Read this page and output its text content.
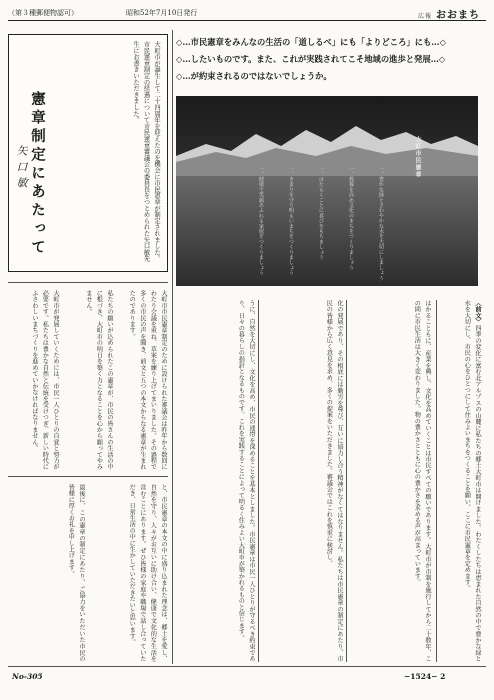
（第３種郵便物認可）	昭和52年7月10日発行	広報 おおまち
◇…市民憲章をみんなの生活の「道しるべ」にも「よりどころ」にも…◇
◇…したいものです。また、これが実践されてこそ地域の進歩と発展…◇
◇…が約束されるのではないでしょうか。
大町市民憲章
一、豊かな緑とさわやかな水を大切にしましょう
一、教養を高め文化のまちをつくりましょう
一、はたらくことに喜びをもちましょう
一、きまりを守り明るいまちをつくりましょう
一、健康で笑顔あふれる家庭をつくりましょう
大町市が誕生して二十四周年を迎えたのを機会に市民憲章が制定されました。市民憲章制定の経過について市民憲章審議会の委員長をつとめられた矢口敏先生にお書きいただきました。
憲章制定にあたって
矢口敏
〈前文〉四季の変化に富む北アルプスの山麓に私たちの郷土大町市は開けました。わたくしたちは恵まれた自然の中で豊かな緑と水を大切にし、市民の心をひとつにして住みよいまちをつくることを願い、ここに市民憲章を定めます。
はかることもに、産業を興し、文化を高めていくことは市民すべての願いであります。大町市が市制を施行してから二十数年、この間に市民生活は大きく変わりました。物の豊かさとともに心の豊かさを求める声が高まっています。
化の発展であり、その根底には勤労を尊び、互いに協力し合う精神がなくてはなりません。私たちは市民憲章の制定にあたり、市民の皆様から広く意見を求め、多くの提案をいただきました。審議会ではこれを慎重に検討し、
うに、自然を大切にし、文化を高め、市民の連帯を深めることを基本としました。市民憲章は市民一人ひとりが守るべき約束であり、日々の暮らしの指針となるものです。これを実践することによって明るく住みよい大町市が築かれるものと信じます。
大町市市民憲章制定のために設けられた審議会は昨年から数回にわたり会議を重ね、草案を練り上げてまいりました。その過程で多くの市民の声を聞き、前文と五つの本文からなる憲章が生まれたのであります。
私たちの願いが込められたこの憲章が、市民の皆さんの生活の中に根づき、大町市の明日を築く力となることを心から願ってやみません。
大町市が発展していくためには、市民一人ひとりの自覚と努力が必要です。私たちは豊かな自然と伝統を受けつぎ、新しい時代にふさわしいまちづくりを進めていかなければなりません。
と、市民憲章の本文の中に盛り込まれた理念は、郷土を愛し、自然を守り、人々がお互いに助け合い、健康で文化的な生活を営むことにあります。ぜひ皆様の家庭や職場で話し合っていただき、日常生活の中に生かしていただきたいと思います。
最後に、この憲章の制定にあたり、ご協力をいただいた市民の皆様に厚くお礼を申し上げます。
No-305	−1524− 2
